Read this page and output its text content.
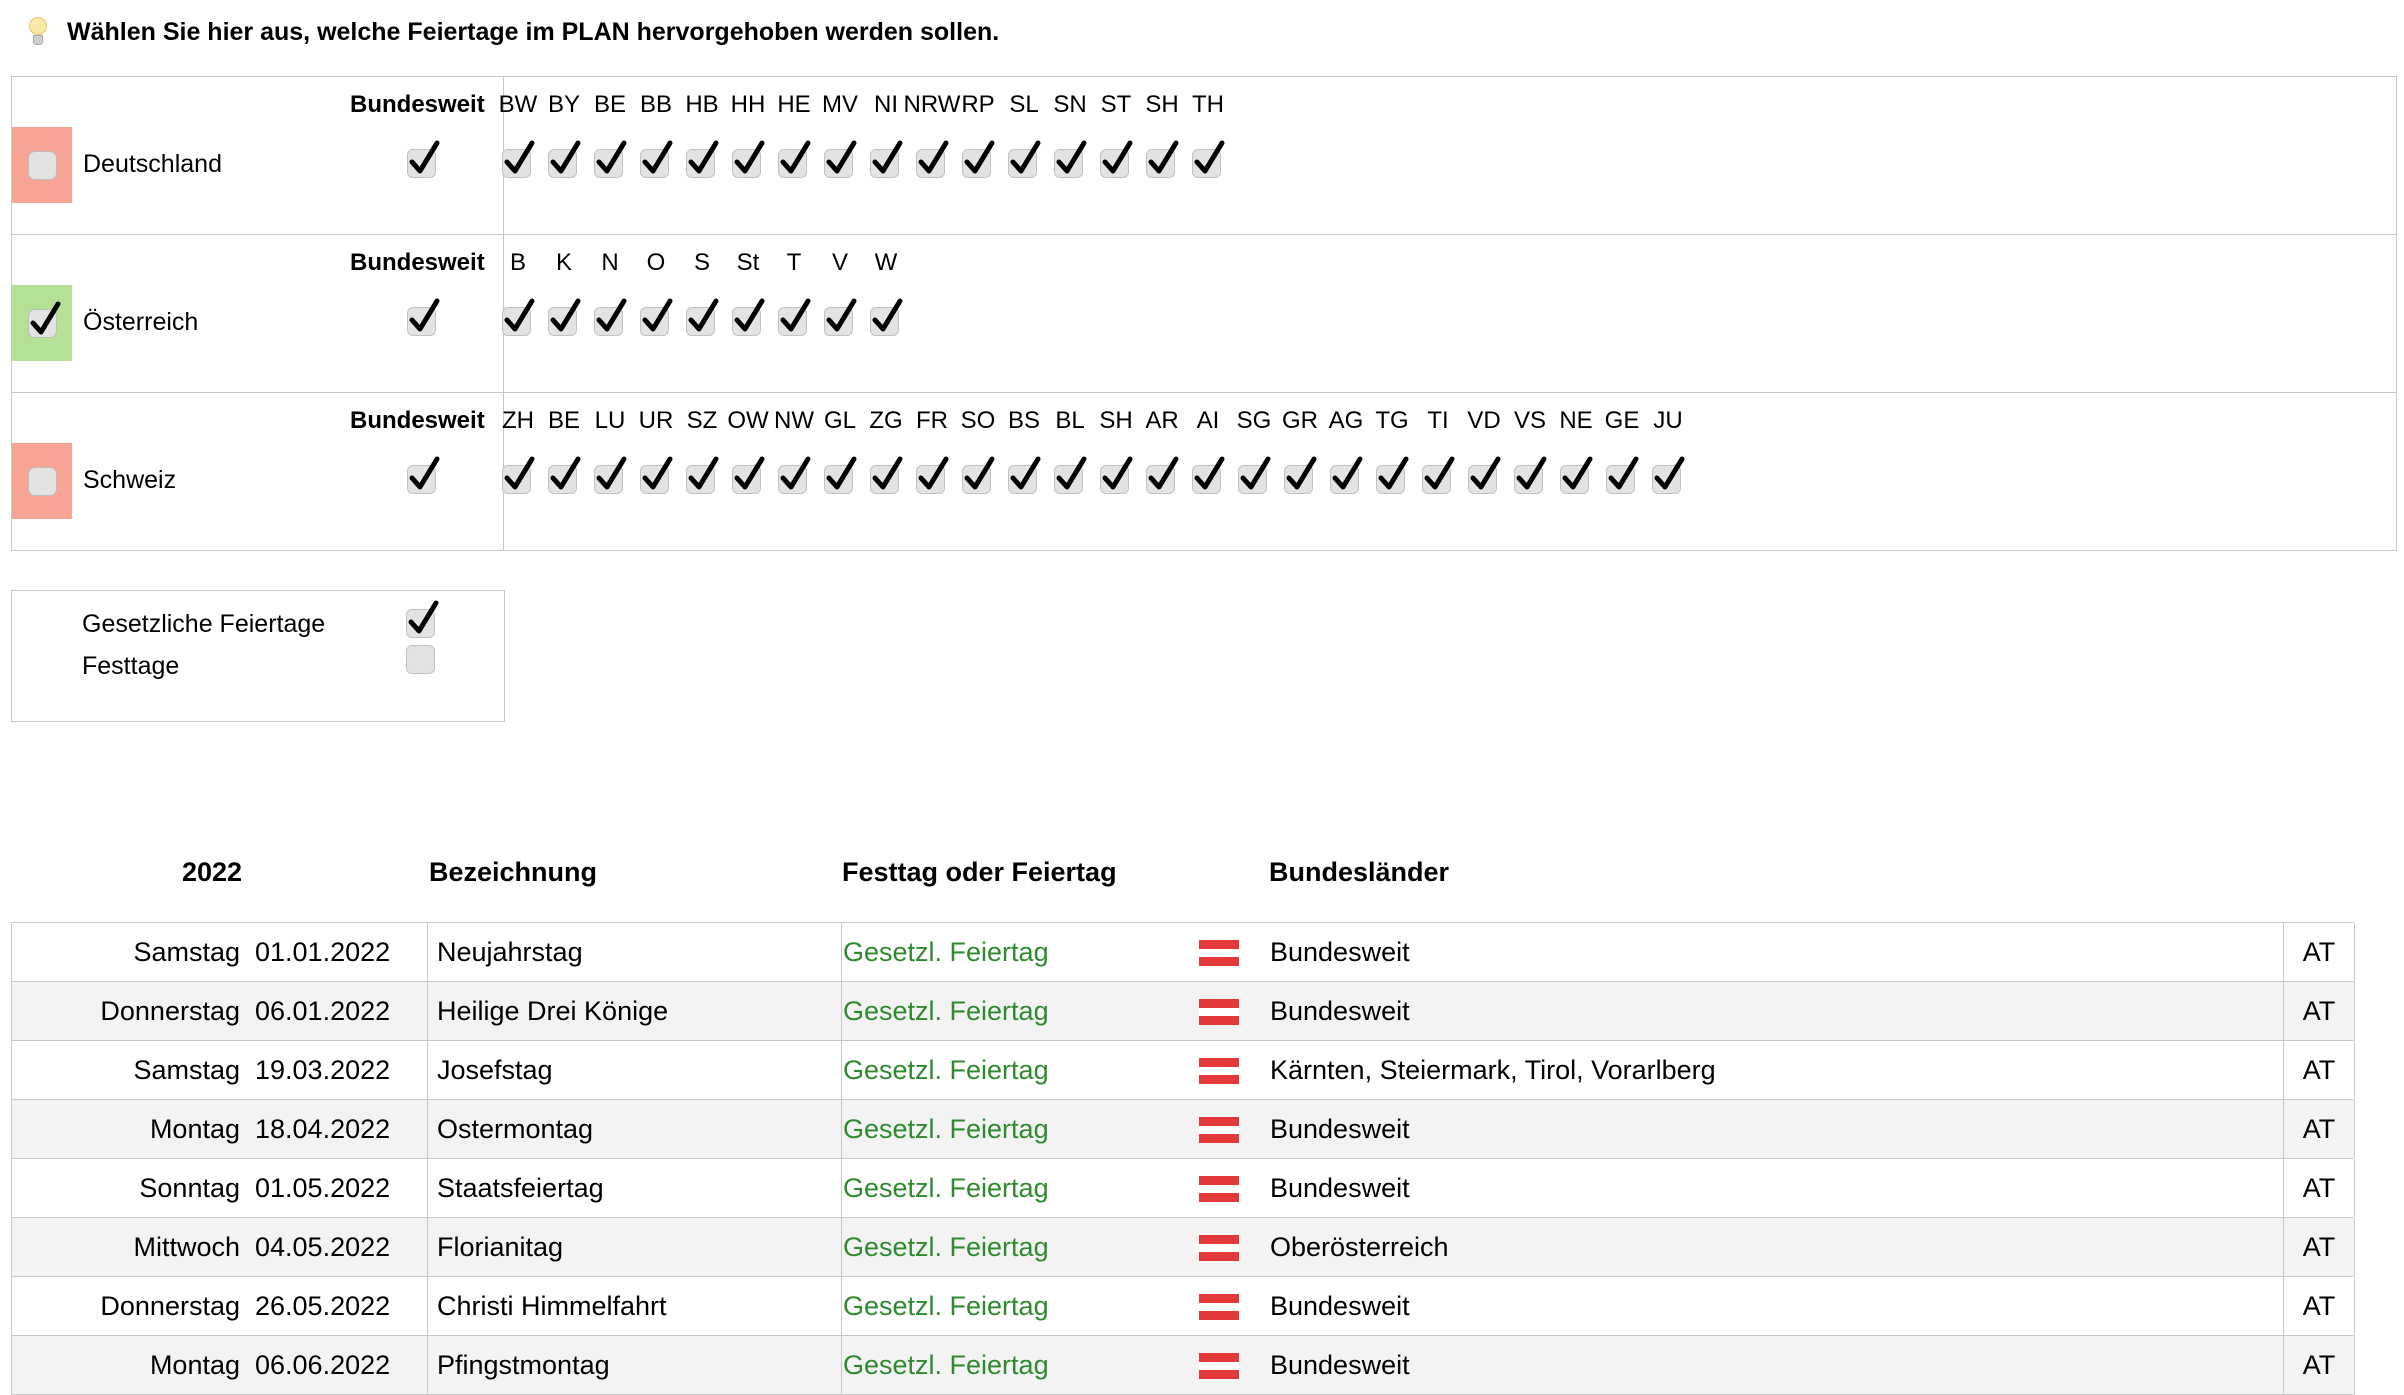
Wählen Sie hier aus, welche Feiertage im PLAN hervorgehoben werden sollen.
Deutschland
Bundesweit BW BY BE BB HB HH HE MV NI NRW RP SL SN ST SH TH
Österreich
Bundesweit	B	K	N	O	S	St	T	V	W
Schweiz
Bundesweit ZH BE LU UR SZ OW NW GL ZG FR SO BS BL SH AR AI SG GR AG TG TI VD VS NE GE JU
Gesetzliche Feiertage
Festtage
2022	Bezeichnung	Festtag oder Feiertag	Bundesländer
Samstag 01.01.2022	Neujahrstag	Gesetzl. Feiertag	Bundesweit	AT
Donnerstag 06.01.2022	Heilige Drei Könige	Gesetzl. Feiertag	Bundesweit	AT
Samstag 19.03.2022	Josefstag	Gesetzl. Feiertag	Kärnten, Steiermark, Tirol, Vorarlberg	AT
Montag 18.04.2022	Ostermontag	Gesetzl. Feiertag	Bundesweit	AT
Sonntag 01.05.2022	Staatsfeiertag	Gesetzl. Feiertag	Bundesweit	AT
Mittwoch 04.05.2022	Florianitag	Gesetzl. Feiertag	Oberösterreich	AT
Donnerstag 26.05.2022	Christi Himmelfahrt	Gesetzl. Feiertag	Bundesweit	AT
Montag 06.06.2022	Pfingstmontag	Gesetzl. Feiertag	Bundesweit	AT
